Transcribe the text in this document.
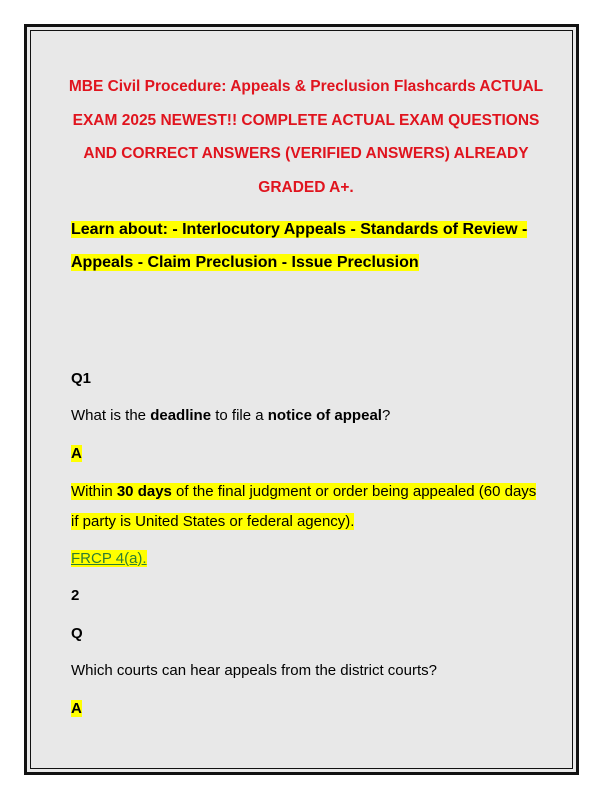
MBE Civil Procedure: Appeals & Preclusion Flashcards ACTUAL EXAM 2025 NEWEST!! COMPLETE ACTUAL EXAM QUESTIONS AND CORRECT ANSWERS (VERIFIED ANSWERS) ALREADY GRADED A+.
Learn about: - Interlocutory Appeals - Standards of Review -
Appeals - Claim Preclusion - Issue Preclusion
Q1
What is the deadline to file a notice of appeal?
A
Within 30 days of the final judgment or order being appealed (60 days
if party is United States or federal agency).
FRCP 4(a).
2
Q
Which courts can hear appeals from the district courts?
A
